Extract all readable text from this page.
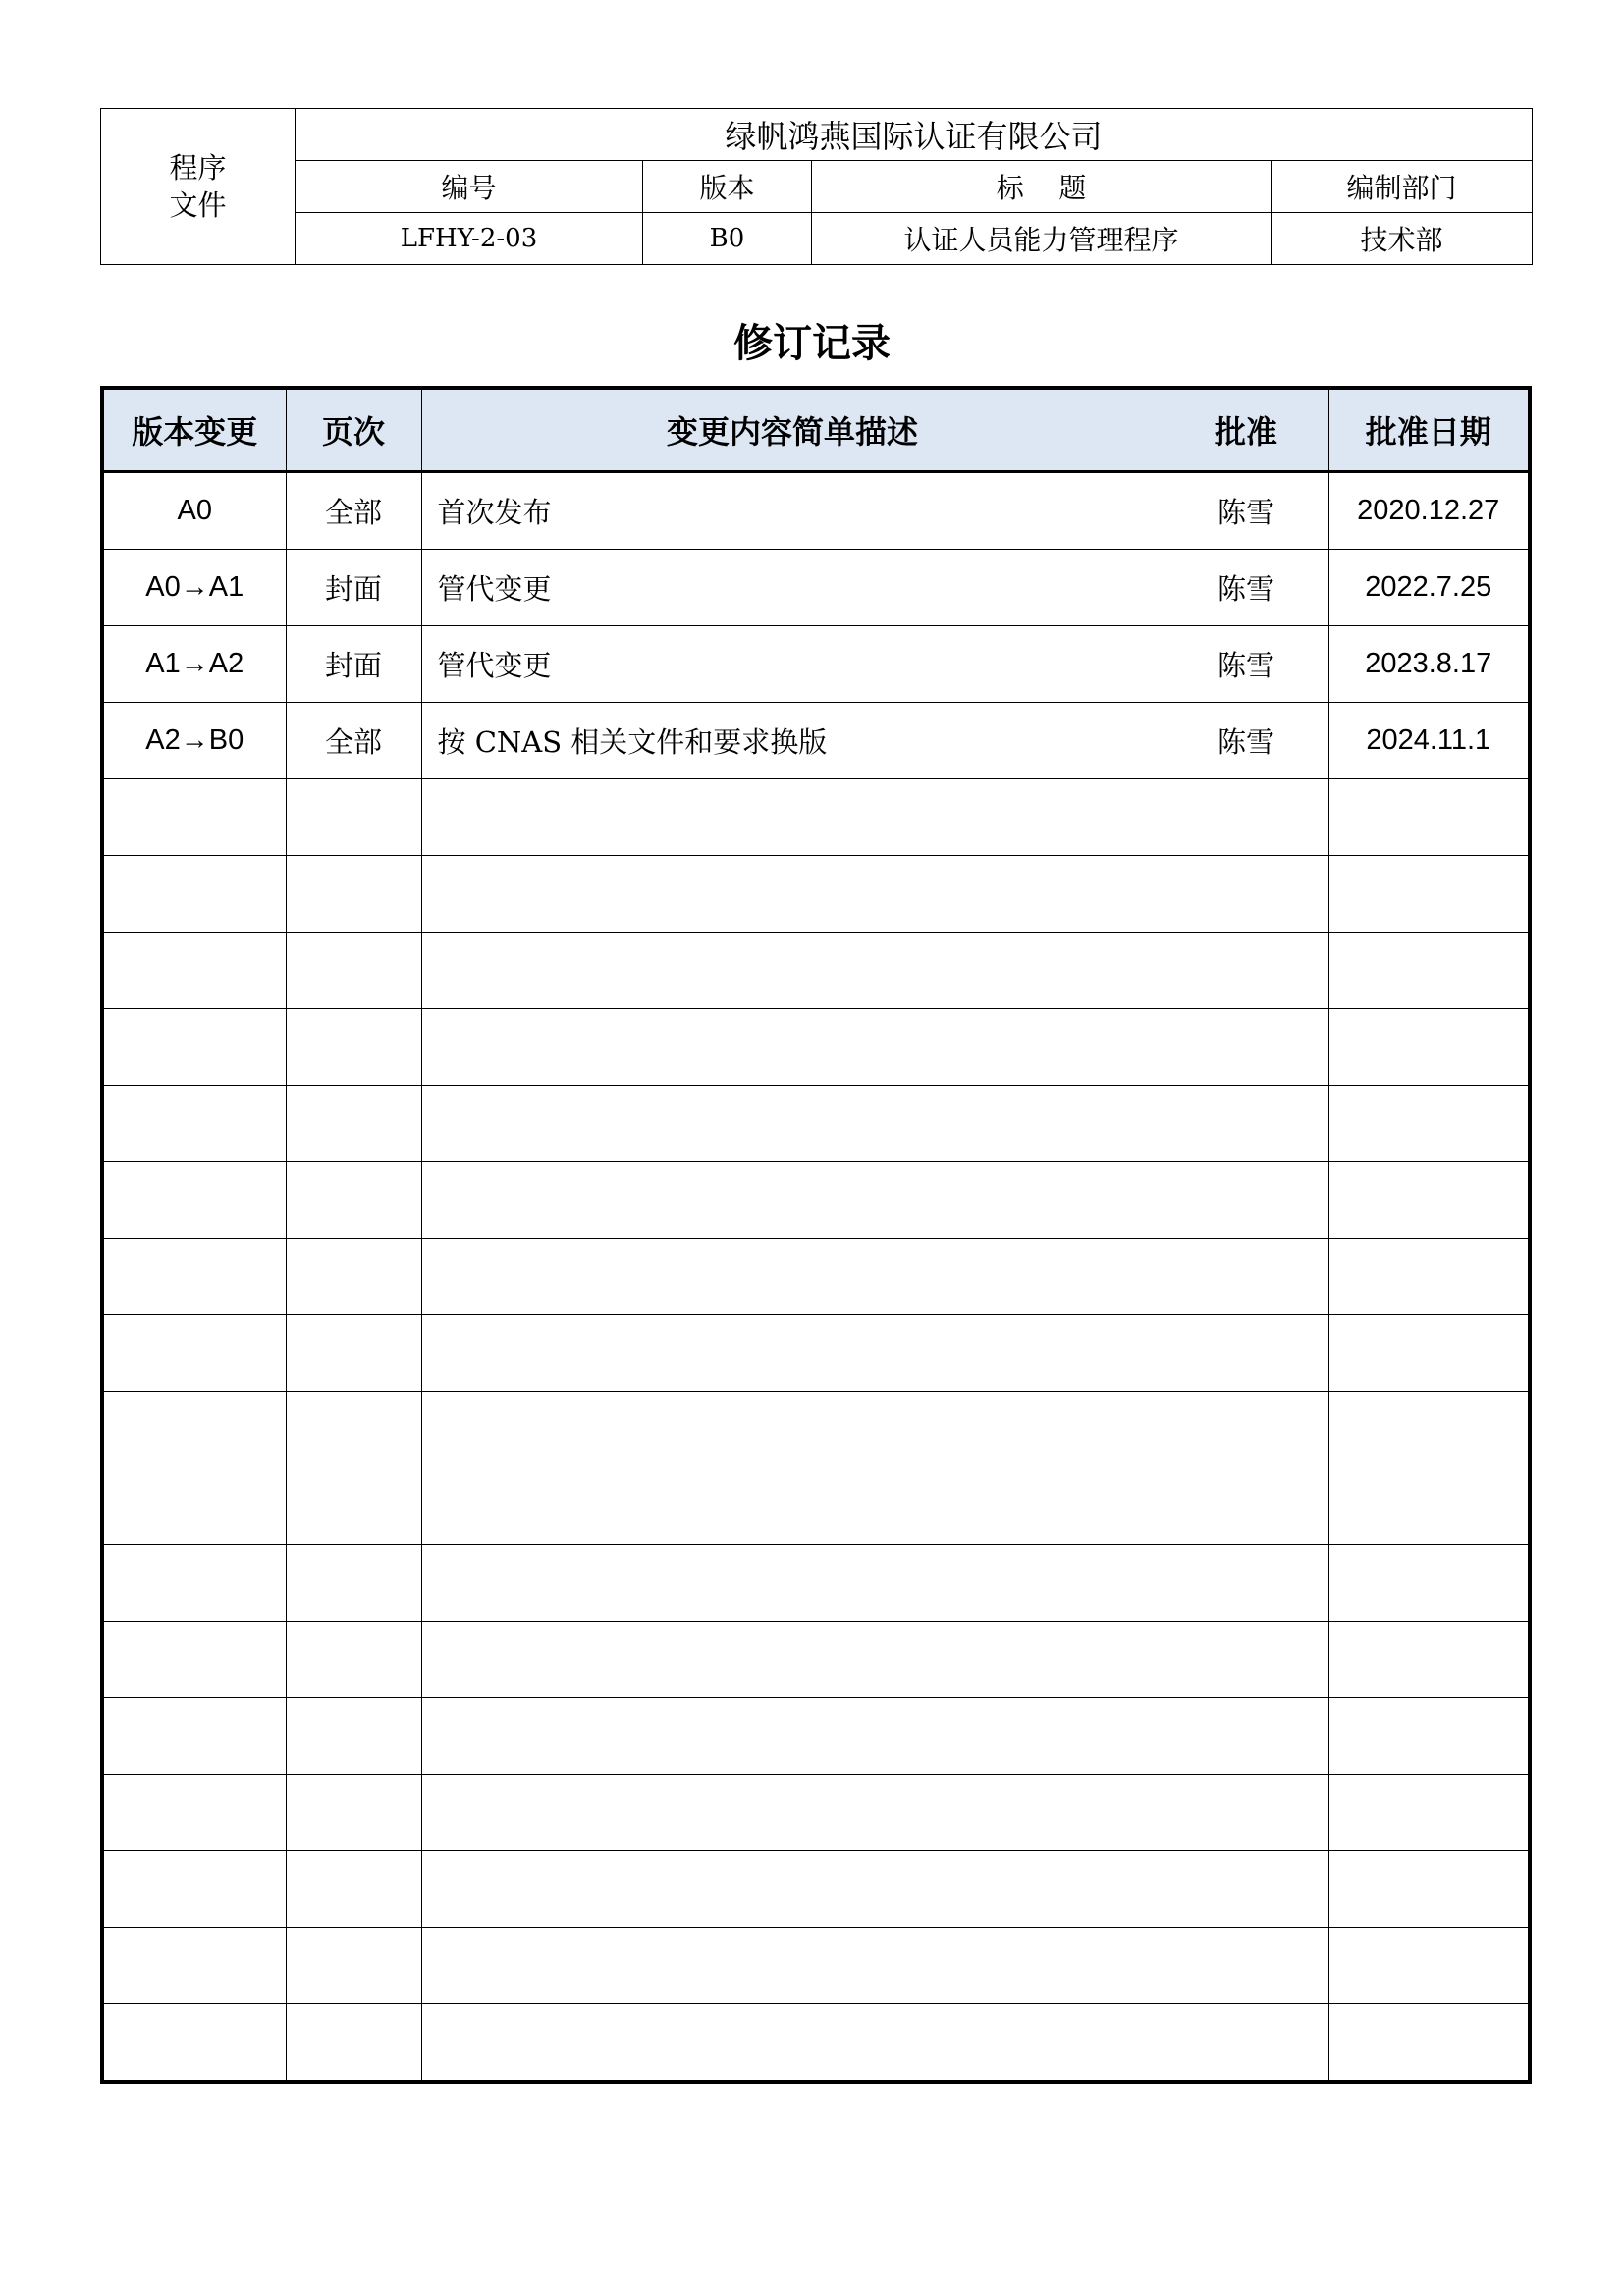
程序
文件	绿帆鸿燕国际认证有限公司			
	编号	版本	标    题	编制部门
	LFHY-2-03	B0	认证人员能力管理程序	技术部
修订记录
版本变更	页次	变更内容简单描述	批准	批准日期
A0	全部	首次发布	陈雪	2020.12.27
A0→A1	封面	管代变更	陈雪	2022.7.25
A1→A2	封面	管代变更	陈雪	2023.8.17
A2→B0	全部	按 CNAS 相关文件和要求换版	陈雪	2024.11.1
